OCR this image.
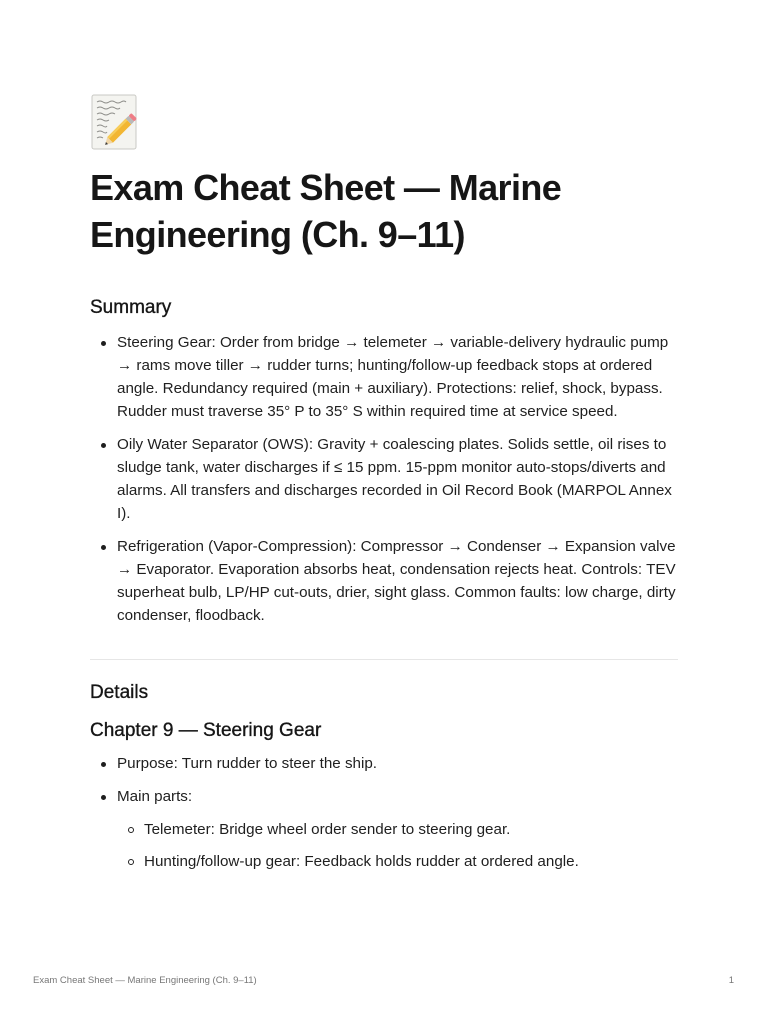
Exam Cheat Sheet — Marine Engineering (Ch. 9–11)
Summary
Steering Gear: Order from bridge → telemeter → variable-delivery hydraulic pump → rams move tiller → rudder turns; hunting/follow-up feedback stops at ordered angle. Redundancy required (main + auxiliary). Protections: relief, shock, bypass. Rudder must traverse 35° P to 35° S within required time at service speed.
Oily Water Separator (OWS): Gravity + coalescing plates. Solids settle, oil rises to sludge tank, water discharges if ≤ 15 ppm. 15-ppm monitor auto-stops/diverts and alarms. All transfers and discharges recorded in Oil Record Book (MARPOL Annex I).
Refrigeration (Vapor-Compression): Compressor → Condenser → Expansion valve → Evaporator. Evaporation absorbs heat, condensation rejects heat. Controls: TEV superheat bulb, LP/HP cut-outs, drier, sight glass. Common faults: low charge, dirty condenser, floodback.
Details
Chapter 9 — Steering Gear
Purpose: Turn rudder to steer the ship.
Main parts:
Telemeter: Bridge wheel order sender to steering gear.
Hunting/follow-up gear: Feedback holds rudder at ordered angle.
Exam Cheat Sheet — Marine Engineering (Ch. 9–11)	1
